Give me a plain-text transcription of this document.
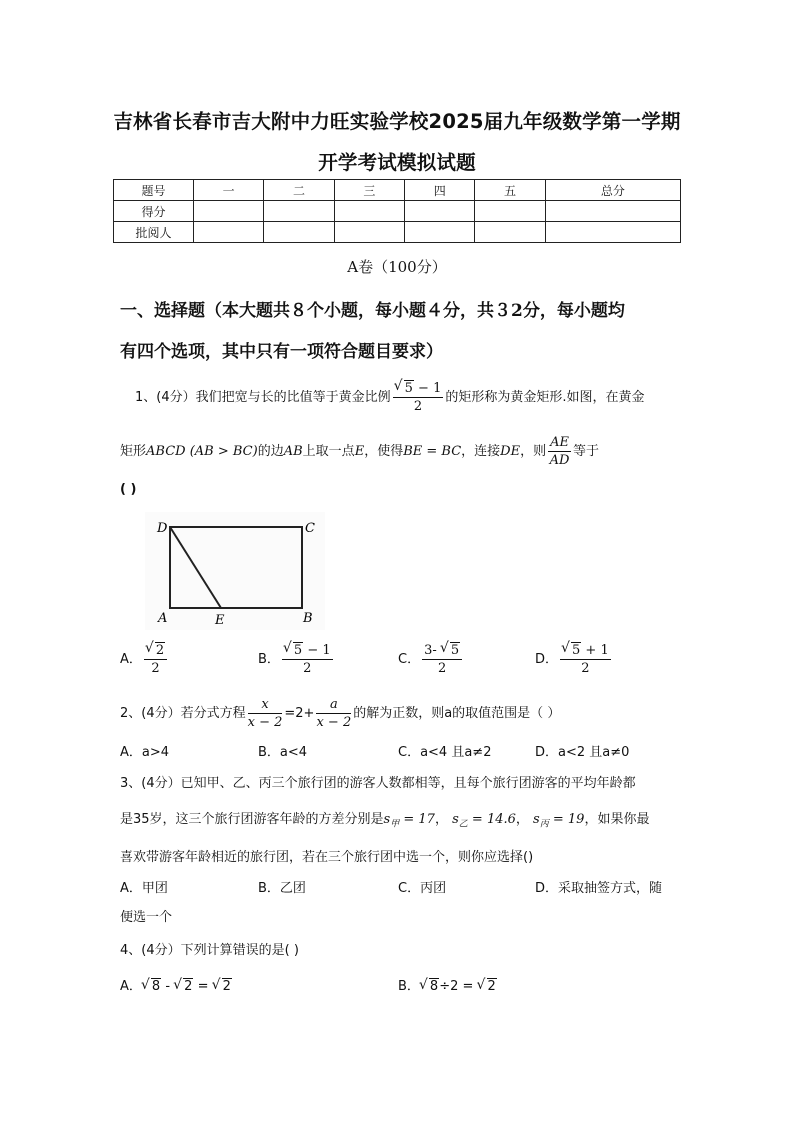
吉林省长春市吉大附中力旺实验学校2025届九年级数学第一学期
开学考试模拟试题
题号	一	二	三	四	五	总分
得分						
批阅人						
A卷（100分）
一、选择题（本大题共８个小题，每小题４分，共３2分，每小题均
有四个选项，其中只有一项符合题目要求）
1、(4分）我们把宽与长的比值等于黄金比例 √ $\frac{5 - 1}{2}$ 的矩形称为黄金矩形.如图，在黄金
矩形ABCD (AB > BC)的边AB上取一点E，使得BE = BC，连接DE，则 $\frac{AE}{AD}$ 等于
( )
D	C
A	E	B
A． √ $\frac{2}{2}$	B． √ $\frac{5 - 1}{2}$	C． $\frac{3- √ 5}{2}$	D． √ $\frac{5 + 1}{2}$
2、(4分）若分式方程 $\frac{x}{x - 2} =2+ \frac{a}{x - 2}$ 的解为正数，则a的取值范围是（ ）
A．a>4	B．a<4	C．a<4 且a≠2	D．a<2 且a≠0
3、(4分）已知甲、乙、丙三个旅行团的游客人数都相等，且每个旅行团游客的平均年龄都
是35岁，这三个旅行团游客年龄的方差分别是$s_甲 = 17$， $s_乙 = 14.6$， $s_丙 = 19$，如果你最
喜欢带游客年龄相近的旅行团，若在三个旅行团中选一个，则你应选择()
A．甲团	B．乙团	C．丙团	D．采取抽签方式，随
便选一个
4、(4分）下列计算错误的是( )
A． √ 8 - √ 2 = √ 2	B． √ 8÷2 = √ 2
